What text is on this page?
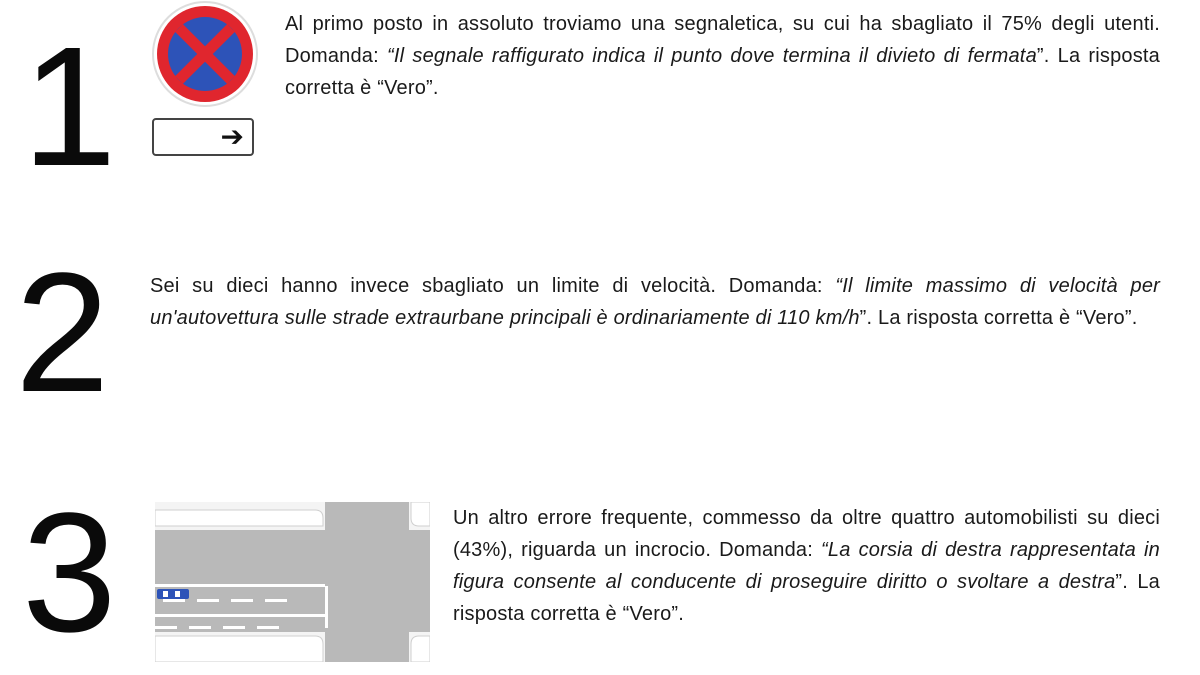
1	➔
Al primo posto in assoluto troviamo una segnaletica, su cui ha sbagliato il 75% degli utenti. Domanda: “Il segnale raffigurato indica il punto dove termina il divieto di fermata”. La risposta corretta è “Vero”.
2 Sei su dieci hanno invece sbagliato un limite di velocità. Domanda: “Il limite massimo di velocità per un'autovettura sulle strade extraurbane principali è ordinariamente di 110 km/h”. La risposta corretta è “Vero”.
3	Un altro errore frequente, commesso da oltre quattro automobilisti su dieci (43%), riguarda un incrocio. Domanda: “La corsia di destra rappresentata in figura consente al conducente di proseguire diritto o svoltare a destra”. La risposta corretta è “Vero”.
